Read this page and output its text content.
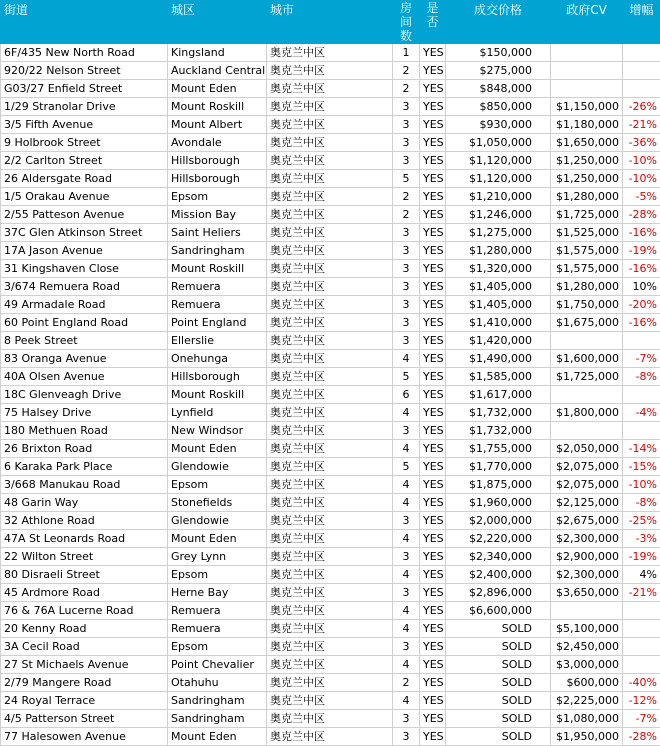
街道	城区	城市	房间数	是否	成交价格	政府CV	增幅
6F/435 New North Road	Kingsland	奥克兰中区	1	YES	$150,000		
920/22 Nelson Street	Auckland Central	奥克兰中区	2	YES	$275,000		
G03/27 Enfield Street	Mount Eden	奥克兰中区	2	YES	$848,000		
1/29 Stranolar Drive	Mount Roskill	奥克兰中区	3	YES	$850,000	$1,150,000	-26%
3/5 Fifth Avenue	Mount Albert	奥克兰中区	3	YES	$930,000	$1,180,000	-21%
9 Holbrook Street	Avondale	奥克兰中区	3	YES	$1,050,000	$1,650,000	-36%
2/2 Carlton Street	Hillsborough	奥克兰中区	3	YES	$1,120,000	$1,250,000	-10%
26 Aldersgate Road	Hillsborough	奥克兰中区	5	YES	$1,120,000	$1,250,000	-10%
1/5 Orakau Avenue	Epsom	奥克兰中区	2	YES	$1,210,000	$1,280,000	-5%
2/55 Patteson Avenue	Mission Bay	奥克兰中区	2	YES	$1,246,000	$1,725,000	-28%
37C Glen Atkinson Street	Saint Heliers	奥克兰中区	3	YES	$1,275,000	$1,525,000	-16%
17A Jason Avenue	Sandringham	奥克兰中区	3	YES	$1,280,000	$1,575,000	-19%
31 Kingshaven Close	Mount Roskill	奥克兰中区	3	YES	$1,320,000	$1,575,000	-16%
3/674 Remuera Road	Remuera	奥克兰中区	3	YES	$1,405,000	$1,280,000	10%
49 Armadale Road	Remuera	奥克兰中区	3	YES	$1,405,000	$1,750,000	-20%
60 Point England Road	Point England	奥克兰中区	3	YES	$1,410,000	$1,675,000	-16%
8 Peek Street	Ellerslie	奥克兰中区	3	YES	$1,420,000		
83 Oranga Avenue	Onehunga	奥克兰中区	4	YES	$1,490,000	$1,600,000	-7%
40A Olsen Avenue	Hillsborough	奥克兰中区	5	YES	$1,585,000	$1,725,000	-8%
18C Glenveagh Drive	Mount Roskill	奥克兰中区	6	YES	$1,617,000		
75 Halsey Drive	Lynfield	奥克兰中区	4	YES	$1,732,000	$1,800,000	-4%
180 Methuen Road	New Windsor	奥克兰中区	3	YES	$1,732,000		
26 Brixton Road	Mount Eden	奥克兰中区	4	YES	$1,755,000	$2,050,000	-14%
6 Karaka Park Place	Glendowie	奥克兰中区	5	YES	$1,770,000	$2,075,000	-15%
3/668 Manukau Road	Epsom	奥克兰中区	4	YES	$1,875,000	$2,075,000	-10%
48 Garin Way	Stonefields	奥克兰中区	4	YES	$1,960,000	$2,125,000	-8%
32 Athlone Road	Glendowie	奥克兰中区	3	YES	$2,000,000	$2,675,000	-25%
47A St Leonards Road	Mount Eden	奥克兰中区	4	YES	$2,220,000	$2,300,000	-3%
22 Wilton Street	Grey Lynn	奥克兰中区	3	YES	$2,340,000	$2,900,000	-19%
80 Disraeli Street	Epsom	奥克兰中区	4	YES	$2,400,000	$2,300,000	4%
45 Ardmore Road	Herne Bay	奥克兰中区	3	YES	$2,896,000	$3,650,000	-21%
76 & 76A Lucerne Road	Remuera	奥克兰中区	4	YES	$6,600,000		
20 Kenny Road	Remuera	奥克兰中区	4	YES	SOLD	$5,100,000	
3A Cecil Road	Epsom	奥克兰中区	3	YES	SOLD	$2,450,000	
27 St Michaels Avenue	Point Chevalier	奥克兰中区	4	YES	SOLD	$3,000,000	
2/79 Mangere Road	Otahuhu	奥克兰中区	2	YES	SOLD	$600,000	-40%
24 Royal Terrace	Sandringham	奥克兰中区	4	YES	SOLD	$2,225,000	-12%
4/5 Patterson Street	Sandringham	奥克兰中区	3	YES	SOLD	$1,080,000	-7%
77 Halesowen Avenue	Mount Eden	奥克兰中区	3	YES	SOLD	$1,950,000	-28%
